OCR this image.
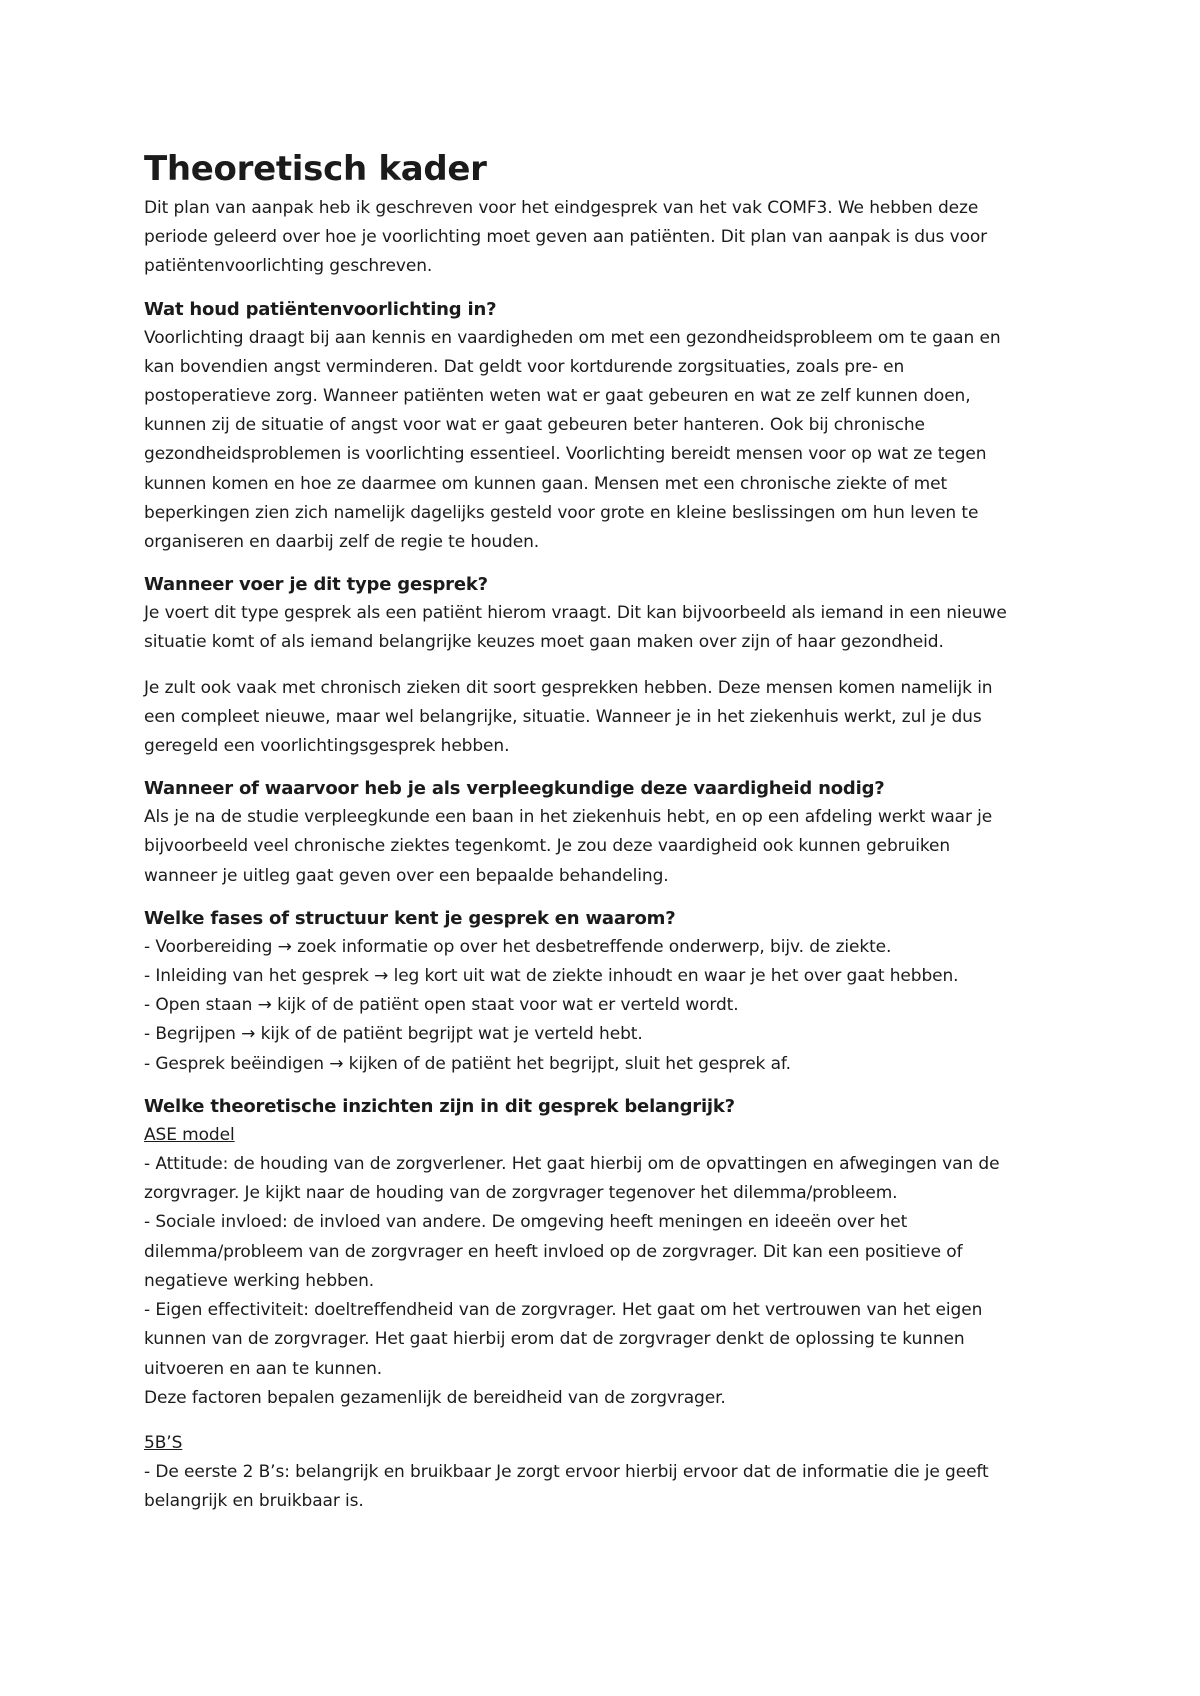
Theoretisch kader

Dit plan van aanpak heb ik geschreven voor het eindgesprek van het vak COMF3. We hebben deze

periode geleerd over hoe je voorlichting moet geven aan patiënten. Dit plan van aanpak is dus voor

patiëntenvoorlichting geschreven.

Wat houd patiëntenvoorlichting in?

Voorlichting draagt bij aan kennis en vaardigheden om met een gezondheidsprobleem om te gaan en

kan bovendien angst verminderen. Dat geldt voor kortdurende zorgsituaties, zoals pre- en

postoperatieve zorg. Wanneer patiënten weten wat er gaat gebeuren en wat ze zelf kunnen doen,

kunnen zij de situatie of angst voor wat er gaat gebeuren beter hanteren. Ook bij chronische

gezondheidsproblemen is voorlichting essentieel. Voorlichting bereidt mensen voor op wat ze tegen

kunnen komen en hoe ze daarmee om kunnen gaan. Mensen met een chronische ziekte of met

beperkingen zien zich namelijk dagelijks gesteld voor grote en kleine beslissingen om hun leven te

organiseren en daarbij zelf de regie te houden.

Wanneer voer je dit type gesprek?

Je voert dit type gesprek als een patiënt hierom vraagt. Dit kan bijvoorbeeld als iemand in een nieuwe

situatie komt of als iemand belangrijke keuzes moet gaan maken over zijn of haar gezondheid.

Je zult ook vaak met chronisch zieken dit soort gesprekken hebben. Deze mensen komen namelijk in

een compleet nieuwe, maar wel belangrijke, situatie. Wanneer je in het ziekenhuis werkt, zul je dus

geregeld een voorlichtingsgesprek hebben.

Wanneer of waarvoor heb je als verpleegkundige deze vaardigheid nodig?

Als je na de studie verpleegkunde een baan in het ziekenhuis hebt, en op een afdeling werkt waar je

bijvoorbeeld veel chronische ziektes tegenkomt. Je zou deze vaardigheid ook kunnen gebruiken

wanneer je uitleg gaat geven over een bepaalde behandeling.

Welke fases of structuur kent je gesprek en waarom?

- Voorbereiding → zoek informatie op over het desbetreffende onderwerp, bijv. de ziekte.

- Inleiding van het gesprek → leg kort uit wat de ziekte inhoudt en waar je het over gaat hebben.

- Open staan → kijk of de patiënt open staat voor wat er verteld wordt.

- Begrijpen → kijk of de patiënt begrijpt wat je verteld hebt.

- Gesprek beëindigen → kijken of de patiënt het begrijpt, sluit het gesprek af.

Welke theoretische inzichten zijn in dit gesprek belangrijk?

ASE model

- Attitude: de houding van de zorgverlener. Het gaat hierbij om de opvattingen en afwegingen van de

zorgvrager. Je kijkt naar de houding van de zorgvrager tegenover het dilemma/probleem.

- Sociale invloed: de invloed van andere. De omgeving heeft meningen en ideeën over het

dilemma/probleem van de zorgvrager en heeft invloed op de zorgvrager. Dit kan een positieve of

negatieve werking hebben.

- Eigen effectiviteit: doeltreffendheid van de zorgvrager. Het gaat om het vertrouwen van het eigen

kunnen van de zorgvrager. Het gaat hierbij erom dat de zorgvrager denkt de oplossing te kunnen

uitvoeren en aan te kunnen.

Deze factoren bepalen gezamenlijk de bereidheid van de zorgvrager.

5B’S

- De eerste 2 B’s: belangrijk en bruikbaar Je zorgt ervoor hierbij ervoor dat de informatie die je geeft

belangrijk en bruikbaar is.
